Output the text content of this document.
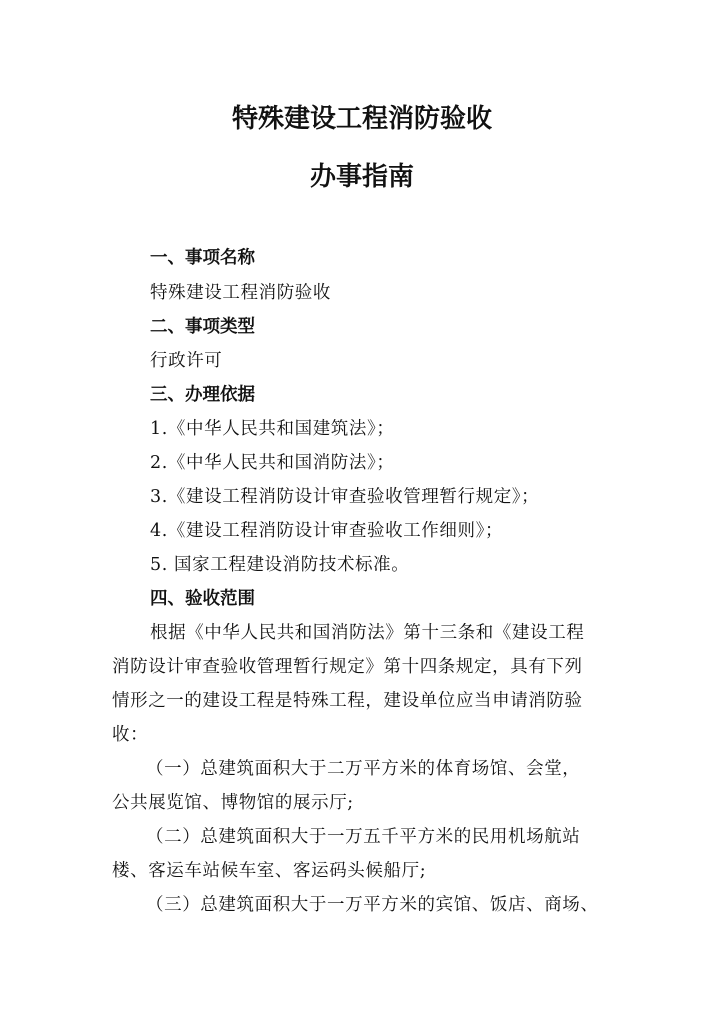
特殊建设工程消防验收
办事指南
一、事项名称
特殊建设工程消防验收
二、事项类型
行政许可
三、办理依据
1.《中华人民共和国建筑法》；
2.《中华人民共和国消防法》；
3.《建设工程消防设计审查验收管理暂行规定》；
4.《建设工程消防设计审查验收工作细则》；
5. 国家工程建设消防技术标准。
四、验收范围
根据《中华人民共和国消防法》第十三条和《建设工程
消防设计审查验收管理暂行规定》第十四条规定，具有下列
情形之一的建设工程是特殊工程，建设单位应当申请消防验
收：
（一）总建筑面积大于二万平方米的体育场馆、会堂，
公共展览馆、博物馆的展示厅;
（二）总建筑面积大于一万五千平方米的民用机场航站
楼、客运车站候车室、客运码头候船厅;
（三）总建筑面积大于一万平方米的宾馆、饭店、商场、
